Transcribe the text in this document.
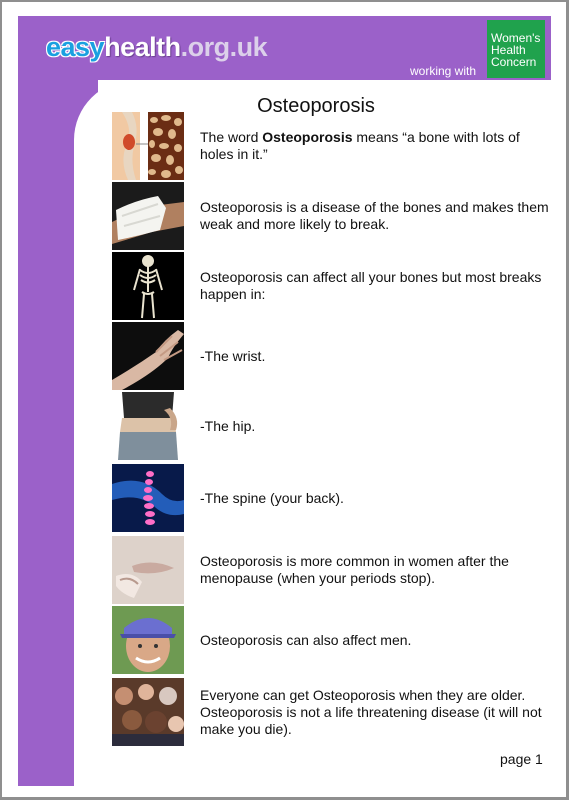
easyhealth.org.uk
working with
Women's
Health
Concern
Osteoporosis
The word Osteoporosis means “a bone with lots of holes in it.”
Osteoporosis is a disease of the bones and makes them weak and more likely to break.
Osteoporosis can affect all your bones but most breaks happen in:
-The wrist.
-The hip.
-The spine (your back).
Osteoporosis is more common in women after the menopause (when your periods stop).
Osteoporosis can also affect men.
Everyone can get Osteoporosis when they are older. Osteoporosis is not a life threatening disease (it will not make you die).
page 1
